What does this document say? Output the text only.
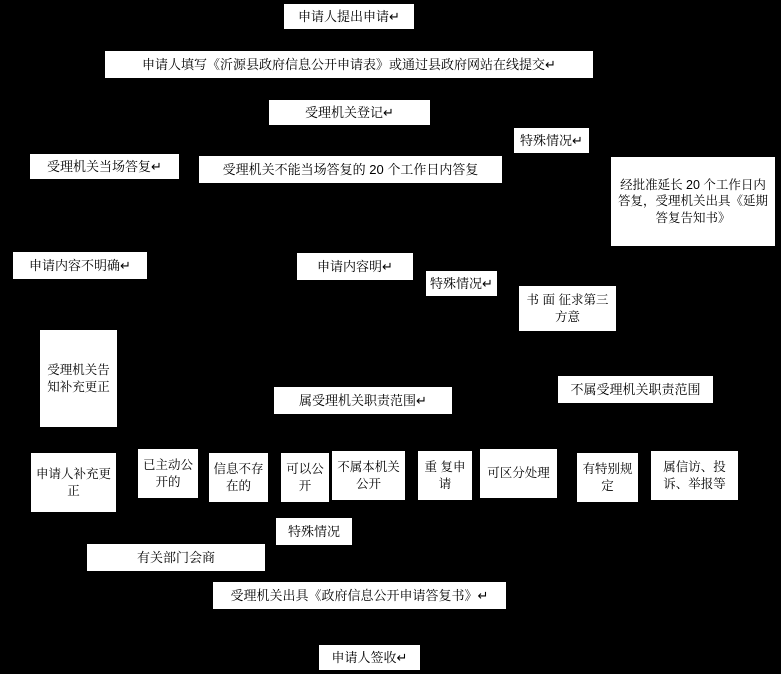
申请人提出申请↵
申请人填写《沂源县政府信息公开申请表》或通过县政府网站在线提交↵
受理机关登记↵
特殊情况↵
受理机关当场答复↵	受理机关不能当场答复的 20 个工作日内答复
经批准延长 20 个工作日内答复，受理机关出具《延期答复告知书》
申请内容不明确↵	申请内容明↵
特殊情况↵
书 面 征求第三方意
受理机关告知补充更正
属受理机关职责范围↵
不属受理机关职责范围
申请人补充更正
已主动公开的
信息不存在的
可以公开
不属本机关公开
重 复申请
可区分处理	有特别规定
属信访、投诉、举报等
特殊情况
有关部门会商
受理机关出具《政府信息公开申请答复书》↵
申请人签收↵
